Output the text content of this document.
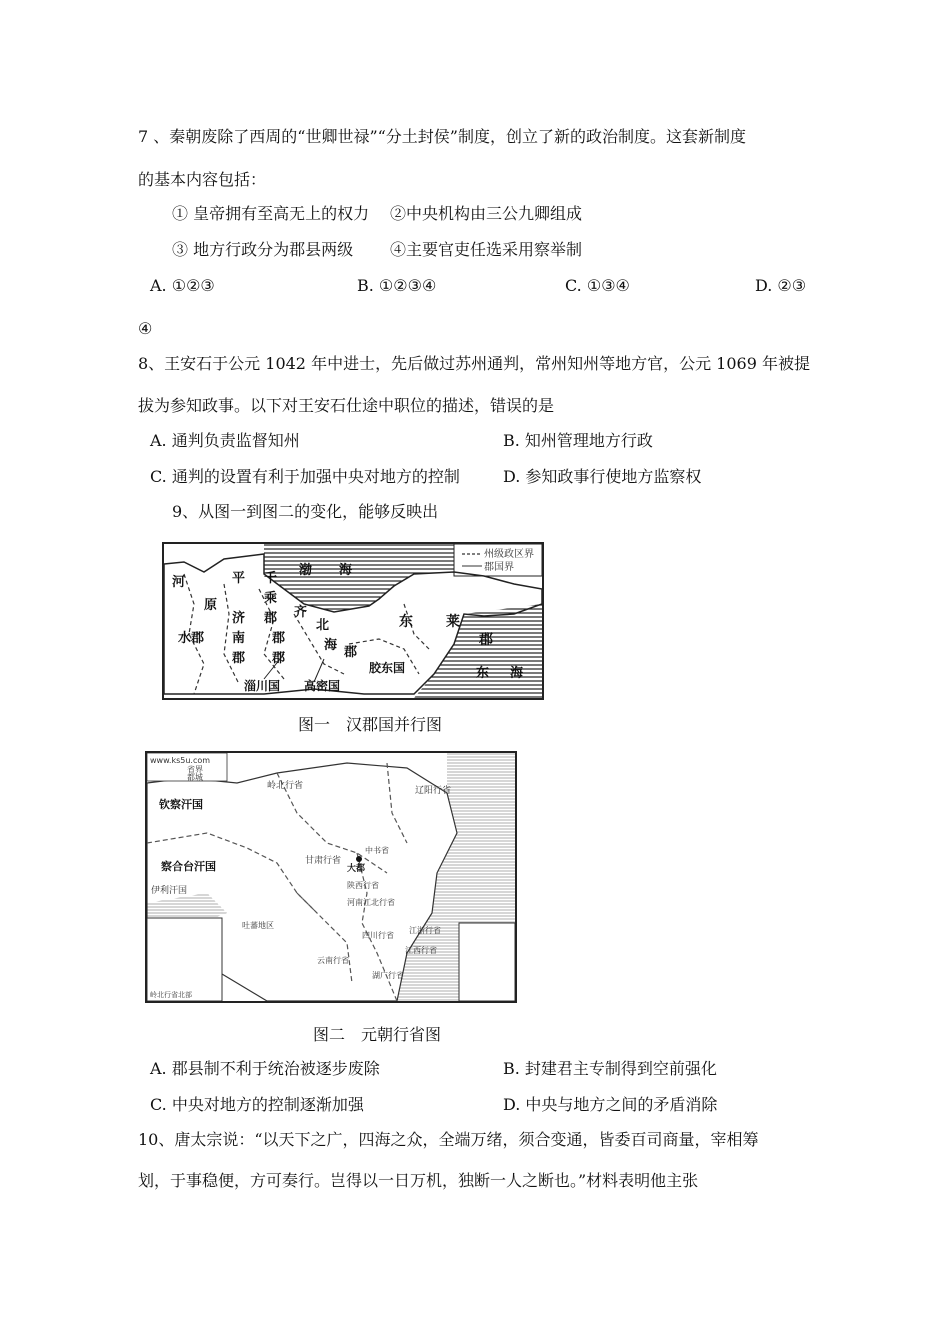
7 、秦朝废除了西周的“世卿世禄”“分土封侯”制度，创立了新的政治制度。这套新制度
的基本内容包括：
① 皇帝拥有至高无上的权力 ②中央机构由三公九卿组成
③ 地方行政分为郡县两级 ④主要官吏任选采用察举制
A. ①②③	B. ①②③④	C. ①③④	D. ②③
④
8、王安石于公元 1042 年中进士，先后做过苏州通判，常州知州等地方官，公元 1069 年被提
拔为参知政事。以下对王安石仕途中职位的描述，错误的是
A. 通判负责监督知州	B. 知州管理地方行政
C. 通判的设置有利于加强中央对地方的控制	D. 参知政事行使地方监察权
9、从图一到图二的变化，能够反映出
州级政区界
郡国界
渤 海
东 莱
郡
河	平 千
原	乘
济 郡 齐
水郡 南
郡
北
郡	海 郡
郡
胶东国
淄川国 高密国
东 海
图一　汉郡国并行图
www.ks5u.com
省界
都城
钦察汗国
察合台汗国
伊利汗国
岭北行省	辽阳行省
甘肃行省
中书省
大都
陕西行省
河南江北行省
吐蕃地区
四川行省
云南行省
湖广行省
江浙行省
江西行省
岭北行省北部
图二　元朝行省图
A. 郡县制不利于统治被逐步废除	B. 封建君主专制得到空前强化
C. 中央对地方的控制逐渐加强	D. 中央与地方之间的矛盾消除
10、唐太宗说：“以天下之广，四海之众，全端万绪，须合变通，皆委百司商量，宰相筹
划，于事稳便，方可奏行。岂得以一日万机，独断一人之断也。”材料表明他主张
